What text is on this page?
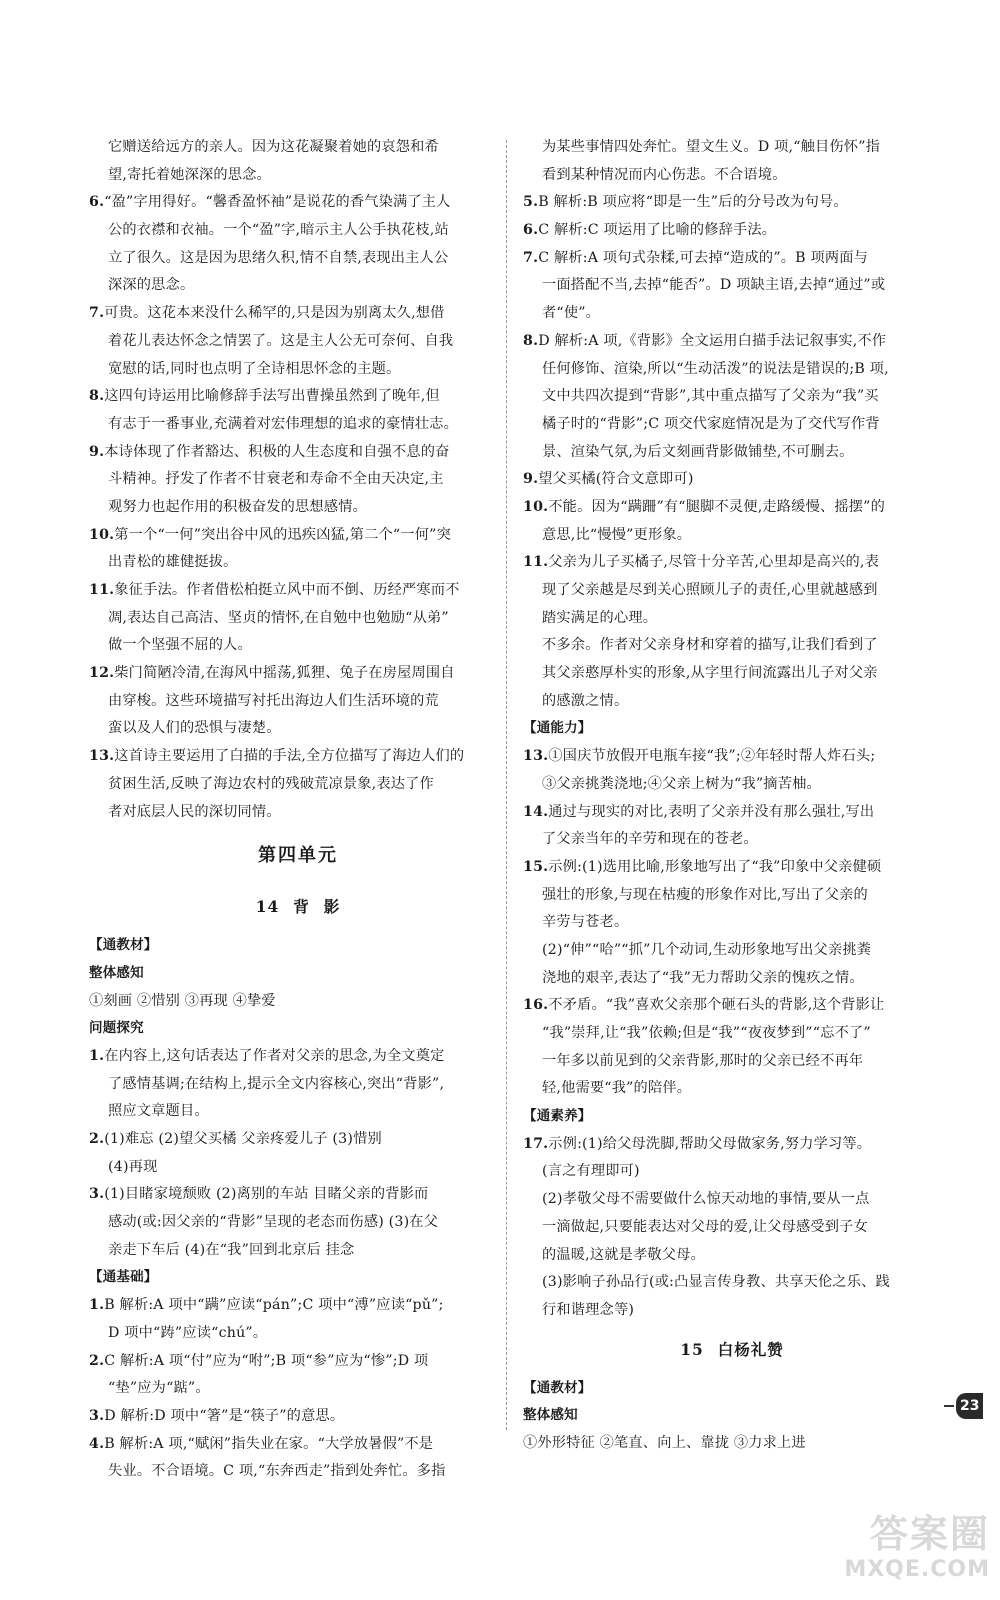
它赠送给远方的亲人。因为这花凝聚着她的哀怨和希
望,寄托着她深深的思念。
6.“盈”字用得好。“馨香盈怀袖”是说花的香气染满了主人
公的衣襟和衣袖。一个“盈”字,暗示主人公手执花枝,站
立了很久。这是因为思绪久积,情不自禁,表现出主人公
深深的思念。
7.可贵。这花本来没什么稀罕的,只是因为别离太久,想借
着花儿表达怀念之情罢了。这是主人公无可奈何、自我
宽慰的话,同时也点明了全诗相思怀念的主题。
8.这四句诗运用比喻修辞手法写出曹操虽然到了晚年,但
有志于一番事业,充满着对宏伟理想的追求的豪情壮志。
9.本诗体现了作者豁达、积极的人生态度和自强不息的奋
斗精神。抒发了作者不甘衰老和寿命不全由天决定,主
观努力也起作用的积极奋发的思想感情。
10.第一个“一何”突出谷中风的迅疾凶猛,第二个“一何”突
出青松的雄健挺拔。
11.象征手法。作者借松柏挺立风中而不倒、历经严寒而不
凋,表达自己高洁、坚贞的情怀,在自勉中也勉励“从弟”
做一个坚强不屈的人。
12.柴门简陋冷清,在海风中摇荡,狐狸、兔子在房屋周围自
由穿梭。这些环境描写衬托出海边人们生活环境的荒
蛮以及人们的恐惧与凄楚。
13.这首诗主要运用了白描的手法,全方位描写了海边人们的
贫困生活,反映了海边农村的残破荒凉景象,表达了作
者对底层人民的深切同情。
第四单元
14 背 影
【通教材】
整体感知
①刻画 ②惜别 ③再现 ④挚爱
问题探究
1.在内容上,这句话表达了作者对父亲的思念,为全文奠定
了感情基调;在结构上,提示全文内容核心,突出“背影”,
照应文章题目。
2.(1)难忘 (2)望父买橘 父亲疼爱儿子 (3)惜别
(4)再现
3.(1)目睹家境颓败 (2)离别的车站 目睹父亲的背影而
感动(或:因父亲的“背影”呈现的老态而伤感) (3)在父
亲走下车后 (4)在“我”回到北京后 挂念
【通基础】
1.B 解析:A 项中“蹒”应读“pán”;C 项中“溥”应读“pǔ”;
D 项中“踌”应读“chú”。
2.C 解析:A 项“付”应为“咐”;B 项“参”应为“惨”;D 项
“垫”应为“踮”。
3.D 解析:D 项中“箸”是“筷子”的意思。
4.B 解析:A 项,“赋闲”指失业在家。“大学放暑假”不是
失业。不合语境。C 项,“东奔西走”指到处奔忙。多指
为某些事情四处奔忙。望文生义。D 项,“触目伤怀”指
看到某种情况而内心伤悲。不合语境。
5.B 解析:B 项应将“即是一生”后的分号改为句号。
6.C 解析:C 项运用了比喻的修辞手法。
7.C 解析:A 项句式杂糅,可去掉“造成的”。B 项两面与
一面搭配不当,去掉“能否”。D 项缺主语,去掉“通过”或
者“使”。
8.D 解析:A 项,《背影》全文运用白描手法记叙事实,不作
任何修饰、渲染,所以“生动活泼”的说法是错误的;B 项,
文中共四次提到“背影”,其中重点描写了父亲为“我”买
橘子时的“背影”;C 项交代家庭情况是为了交代写作背
景、渲染气氛,为后文刻画背影做铺垫,不可删去。
9.望父买橘(符合文意即可)
10.不能。因为“蹒跚”有“腿脚不灵便,走路缓慢、摇摆”的
意思,比“慢慢”更形象。
11.父亲为儿子买橘子,尽管十分辛苦,心里却是高兴的,表
现了父亲越是尽到关心照顾儿子的责任,心里就越感到
踏实满足的心理。
不多余。作者对父亲身材和穿着的描写,让我们看到了
其父亲憨厚朴实的形象,从字里行间流露出儿子对父亲
的感激之情。
【通能力】
13.①国庆节放假开电瓶车接“我”;②年轻时帮人炸石头;
③父亲挑粪浇地;④父亲上树为“我”摘苦柚。
14.通过与现实的对比,表明了父亲并没有那么强壮,写出
了父亲当年的辛劳和现在的苍老。
15.示例:(1)选用比喻,形象地写出了“我”印象中父亲健硕
强壮的形象,与现在枯瘦的形象作对比,写出了父亲的
辛劳与苍老。
(2)“伸”“哈”“抓”几个动词,生动形象地写出父亲挑粪
浇地的艰辛,表达了“我”无力帮助父亲的愧疚之情。
16.不矛盾。“我”喜欢父亲那个砸石头的背影,这个背影让
“我”崇拜,让“我”依赖;但是“我”“夜夜梦到”“忘不了”
一年多以前见到的父亲背影,那时的父亲已经不再年
轻,他需要“我”的陪伴。
【通素养】
17.示例:(1)给父母洗脚,帮助父母做家务,努力学习等。
(言之有理即可)
(2)孝敬父母不需要做什么惊天动地的事情,要从一点
一滴做起,只要能表达对父母的爱,让父母感受到子女
的温暖,这就是孝敬父母。
(3)影响子孙品行(或:凸显言传身教、共享天伦之乐、践
行和谐理念等)
15 白杨礼赞
【通教材】
整体感知
①外形特征 ②笔直、向上、靠拢 ③力求上进
23
答案圈
MXQE.COM
